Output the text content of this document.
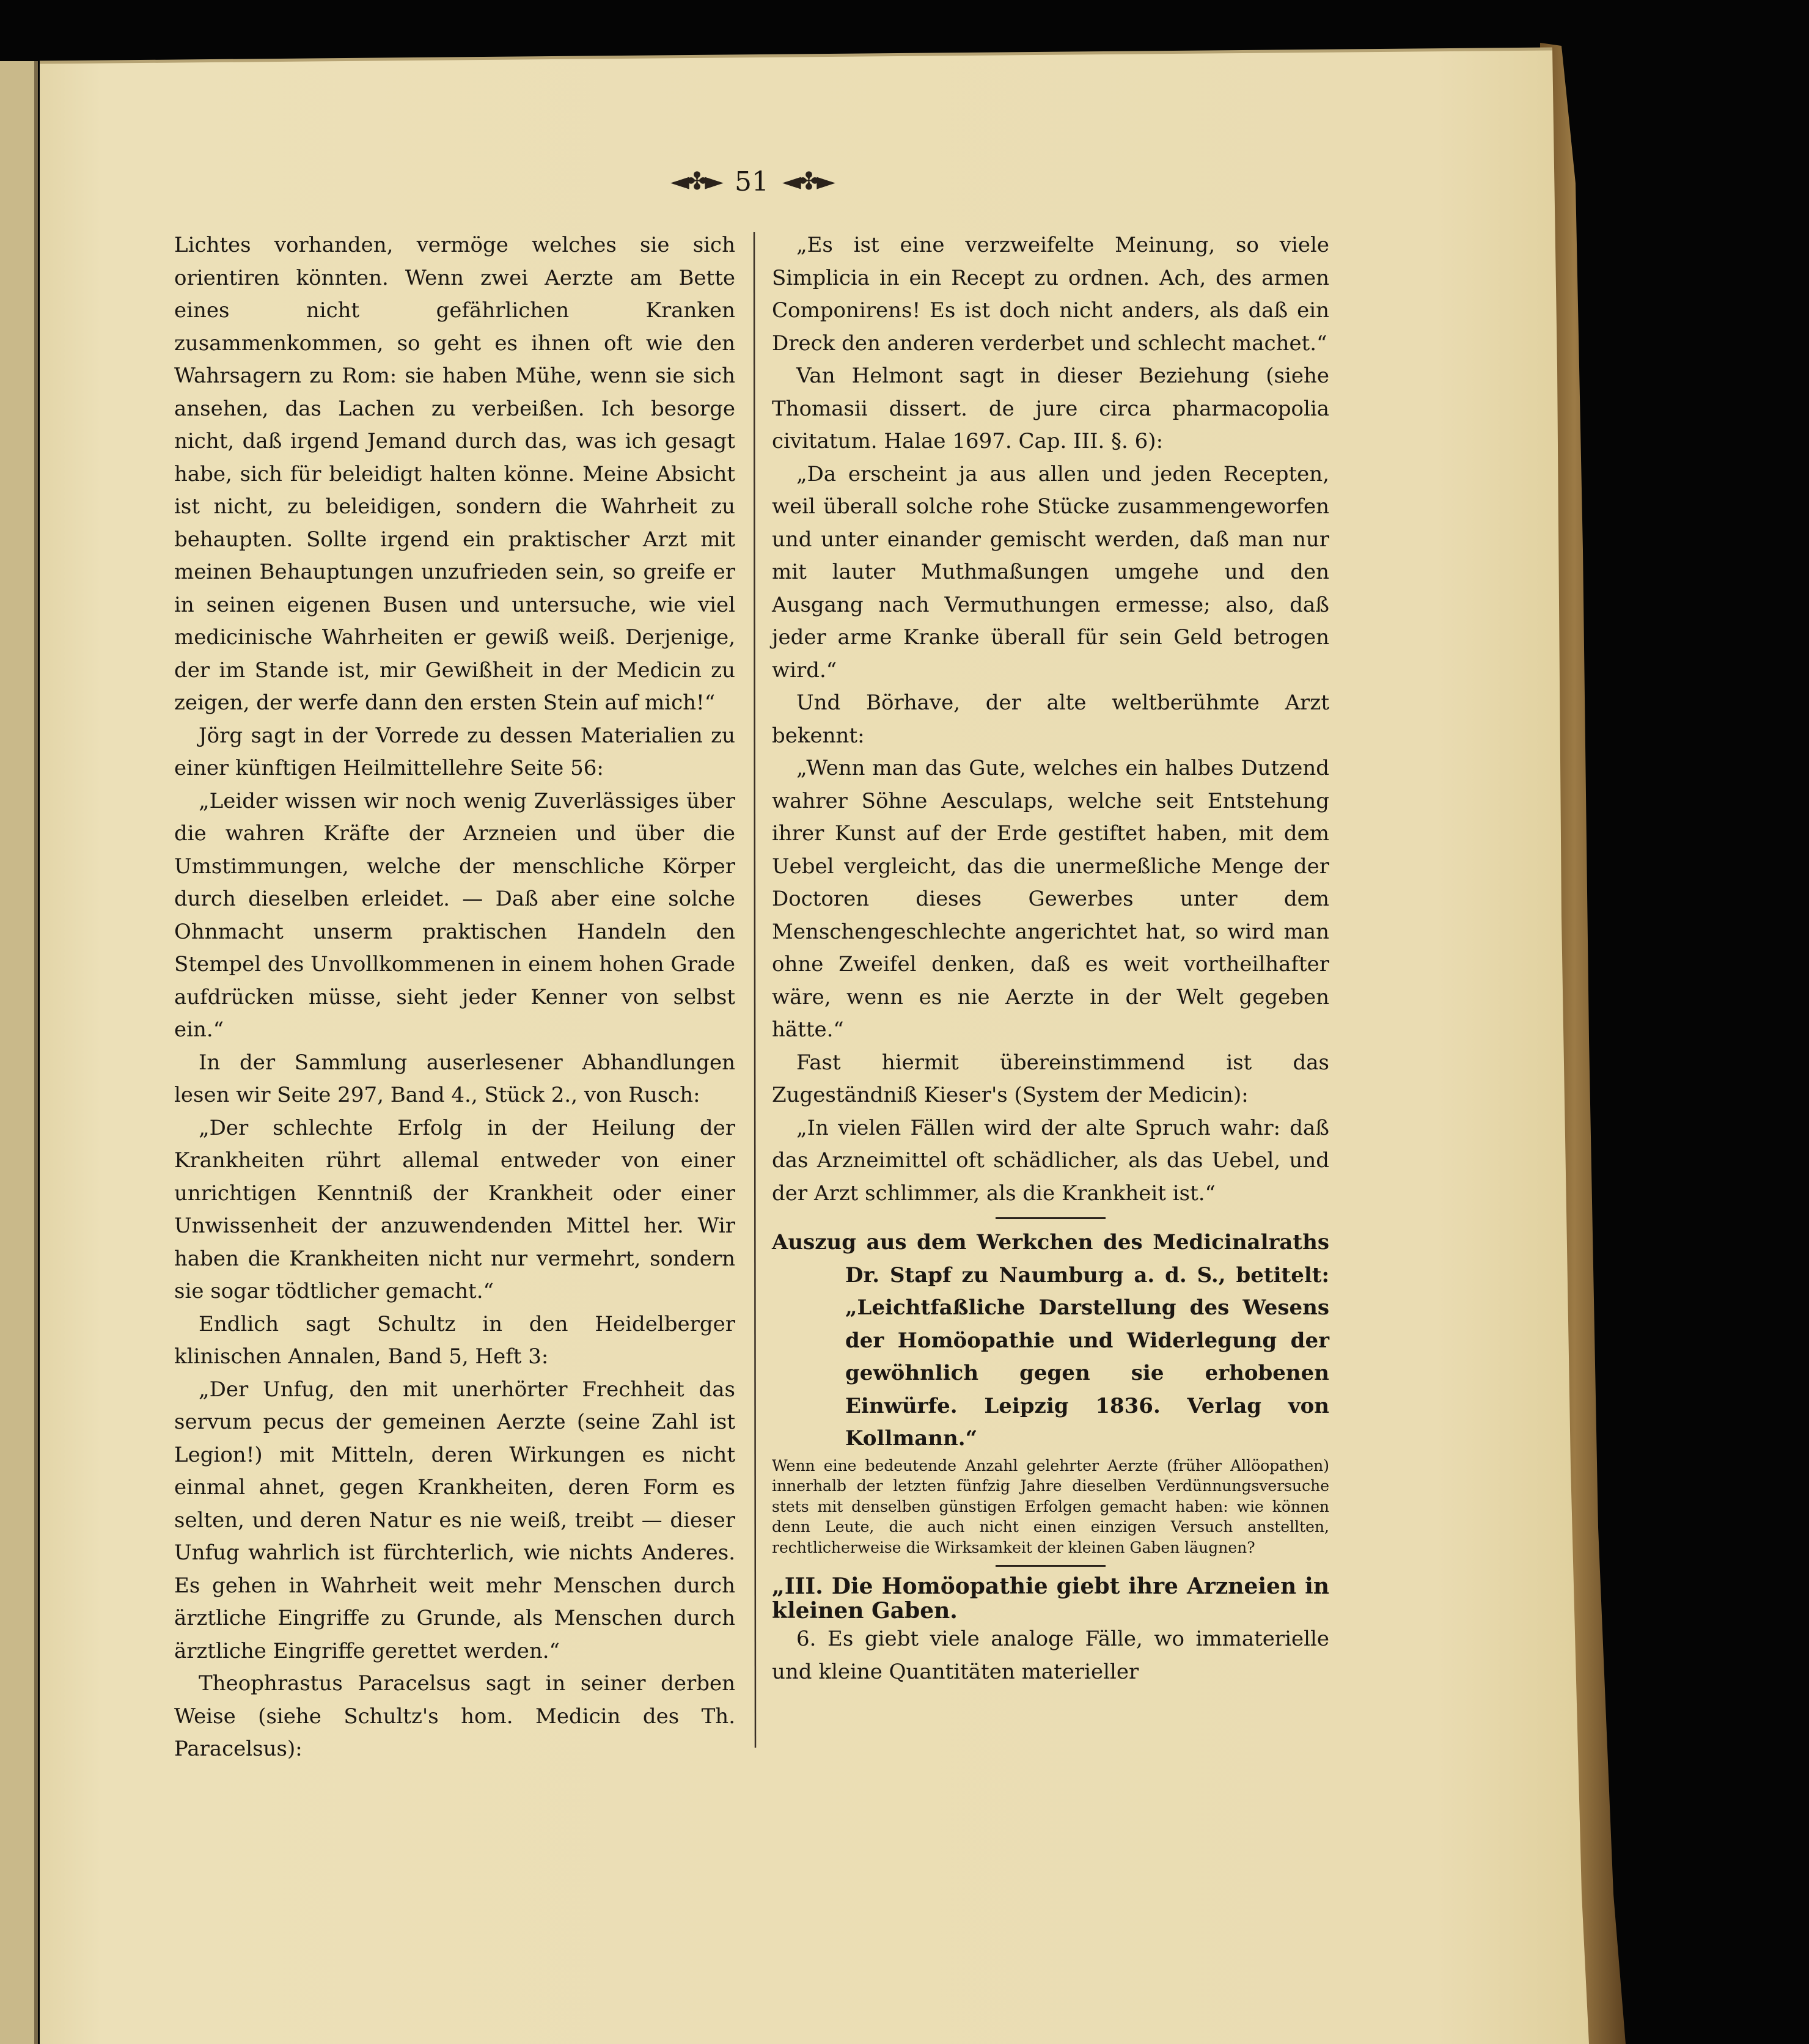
◄✤► 51 ◄✤►

Lichtes vorhanden, vermöge welches sie sich orientiren könnten. Wenn zwei Aerzte am Bette eines nicht gefährlichen Kranken zusammenkommen, so geht es ihnen oft wie den Wahrsagern zu Rom: sie haben Mühe, wenn sie sich ansehen, das Lachen zu verbeißen. Ich besorge nicht, daß irgend Jemand durch das, was ich gesagt habe, sich für beleidigt halten könne. Meine Absicht ist nicht, zu beleidigen, sondern die Wahrheit zu behaupten. Sollte irgend ein praktischer Arzt mit meinen Behauptungen unzufrieden sein, so greife er in seinen eigenen Busen und untersuche, wie viel medicinische Wahrheiten er gewiß weiß. Derjenige, der im Stande ist, mir Gewißheit in der Medicin zu zeigen, der werfe dann den ersten Stein auf mich!“

Jörg sagt in der Vorrede zu dessen Materialien zu einer künftigen Heilmittellehre Seite 56:

„Leider wissen wir noch wenig Zuverlässiges über die wahren Kräfte der Arzneien und über die Umstimmungen, welche der menschliche Körper durch dieselben erleidet. — Daß aber eine solche Ohnmacht unserm praktischen Handeln den Stempel des Unvollkommenen in einem hohen Grade aufdrücken müsse, sieht jeder Kenner von selbst ein.“

In der Sammlung auserlesener Abhandlungen lesen wir Seite 297, Band 4., Stück 2., von Rusch:

„Der schlechte Erfolg in der Heilung der Krankheiten rührt allemal entweder von einer unrichtigen Kenntniß der Krankheit oder einer Unwissenheit der anzuwendenden Mittel her. Wir haben die Krankheiten nicht nur vermehrt, sondern sie sogar tödtlicher gemacht.“

Endlich sagt Schultz in den Heidelberger klinischen Annalen, Band 5, Heft 3:

„Der Unfug, den mit unerhörter Frechheit das servum pecus der gemeinen Aerzte (seine Zahl ist Legion!) mit Mitteln, deren Wirkungen es nicht einmal ahnet, gegen Krankheiten, deren Form es selten, und deren Natur es nie weiß, treibt — dieser Unfug wahrlich ist fürchterlich, wie nichts Anderes. Es gehen in Wahrheit weit mehr Menschen durch ärztliche Eingriffe zu Grunde, als Menschen durch ärztliche Eingriffe gerettet werden.“

Theophrastus Paracelsus sagt in seiner derben Weise (siehe Schultz's hom. Medicin des Th. Paracelsus):

„Es ist eine verzweifelte Meinung, so viele Simplicia in ein Recept zu ordnen. Ach, des armen Componirens! Es ist doch nicht anders, als daß ein Dreck den anderen verderbet und schlecht machet.“

Van Helmont sagt in dieser Beziehung (siehe Thomasii dissert. de jure circa pharmacopolia civitatum. Halae 1697. Cap. III. §. 6):

„Da erscheint ja aus allen und jeden Recepten, weil überall solche rohe Stücke zusammengeworfen und unter einander gemischt werden, daß man nur mit lauter Muthmaßungen umgehe und den Ausgang nach Vermuthungen ermesse; also, daß jeder arme Kranke überall für sein Geld betrogen wird.“

Und Börhave, der alte weltberühmte Arzt bekennt:

„Wenn man das Gute, welches ein halbes Dutzend wahrer Söhne Aesculaps, welche seit Entstehung ihrer Kunst auf der Erde gestiftet haben, mit dem Uebel vergleicht, das die unermeßliche Menge der Doctoren dieses Gewerbes unter dem Menschengeschlechte angerichtet hat, so wird man ohne Zweifel denken, daß es weit vortheilhafter wäre, wenn es nie Aerzte in der Welt gegeben hätte.“

Fast hiermit übereinstimmend ist das Zugeständniß Kieser's (System der Medicin):

„In vielen Fällen wird der alte Spruch wahr: daß das Arzneimittel oft schädlicher, als das Uebel, und der Arzt schlimmer, als die Krankheit ist.“

Auszug aus dem Werkchen des Medicinalraths Dr. Stapf zu Naumburg a. d. S., betitelt: „Leichtfaßliche Darstellung des Wesens der Homöopathie und Widerlegung der gewöhnlich gegen sie erhobenen Einwürfe. Leipzig 1836. Verlag von Kollmann.“

Wenn eine bedeutende Anzahl gelehrter Aerzte (früher Allöopathen) innerhalb der letzten fünfzig Jahre dieselben Verdünnungsversuche stets mit denselben günstigen Erfolgen gemacht haben: wie können denn Leute, die auch nicht einen einzigen Versuch anstellten, rechtlicherweise die Wirksamkeit der kleinen Gaben läugnen?

„III. Die Homöopathie giebt ihre Arzneien in kleinen Gaben.

6. Es giebt viele analoge Fälle, wo immaterielle und kleine Quantitäten materieller
